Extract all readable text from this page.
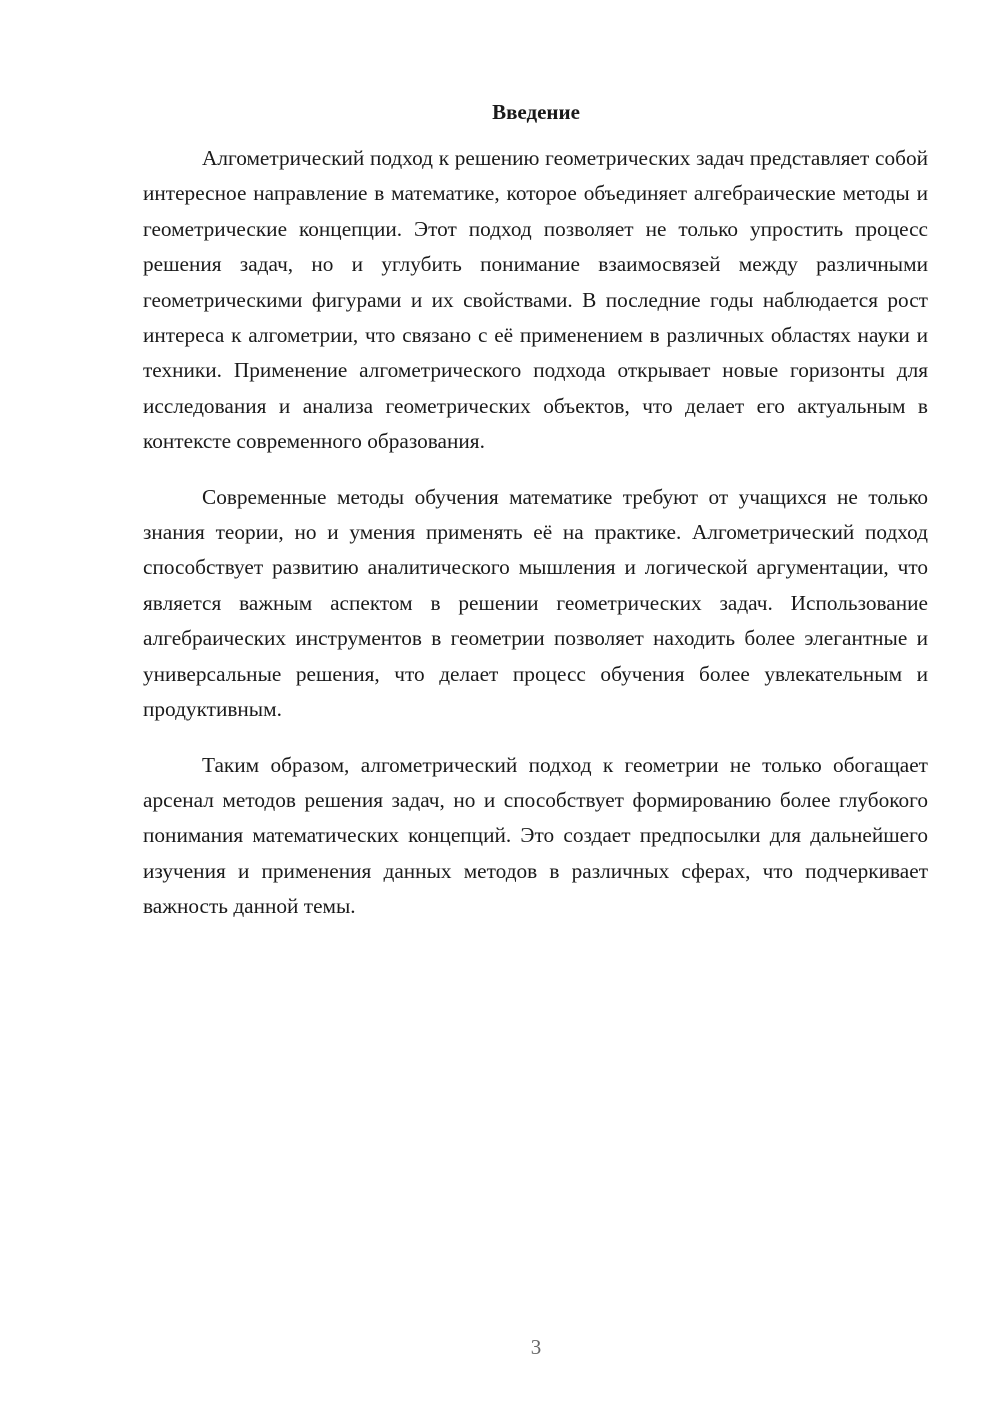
Введение

Алгометрический подход к решению геометрических задач представляет собой интересное направление в математике, которое объединяет алгебраические методы и геометрические концепции. Этот подход позволяет не только упростить процесс решения задач, но и углубить понимание взаимосвязей между различными геометрическими фигурами и их свойствами. В последние годы наблюдается рост интереса к алгометрии, что связано с её применением в различных областях науки и техники. Применение алгометрического подхода открывает новые горизонты для исследования и анализа геометрических объектов, что делает его актуальным в контексте современного образования.

Современные методы обучения математике требуют от учащихся не только знания теории, но и умения применять её на практике. Алгометрический подход способствует развитию аналитического мышления и логической аргументации, что является важным аспектом в решении геометрических задач. Использование алгебраических инструментов в геометрии позволяет находить более элегантные и универсальные решения, что делает процесс обучения более увлекательным и продуктивным.

Таким образом, алгометрический подход к геометрии не только обогащает арсенал методов решения задач, но и способствует формированию более глубокого понимания математических концепций. Это создает предпосылки для дальнейшего изучения и применения данных методов в различных сферах, что подчеркивает важность данной темы.

3
